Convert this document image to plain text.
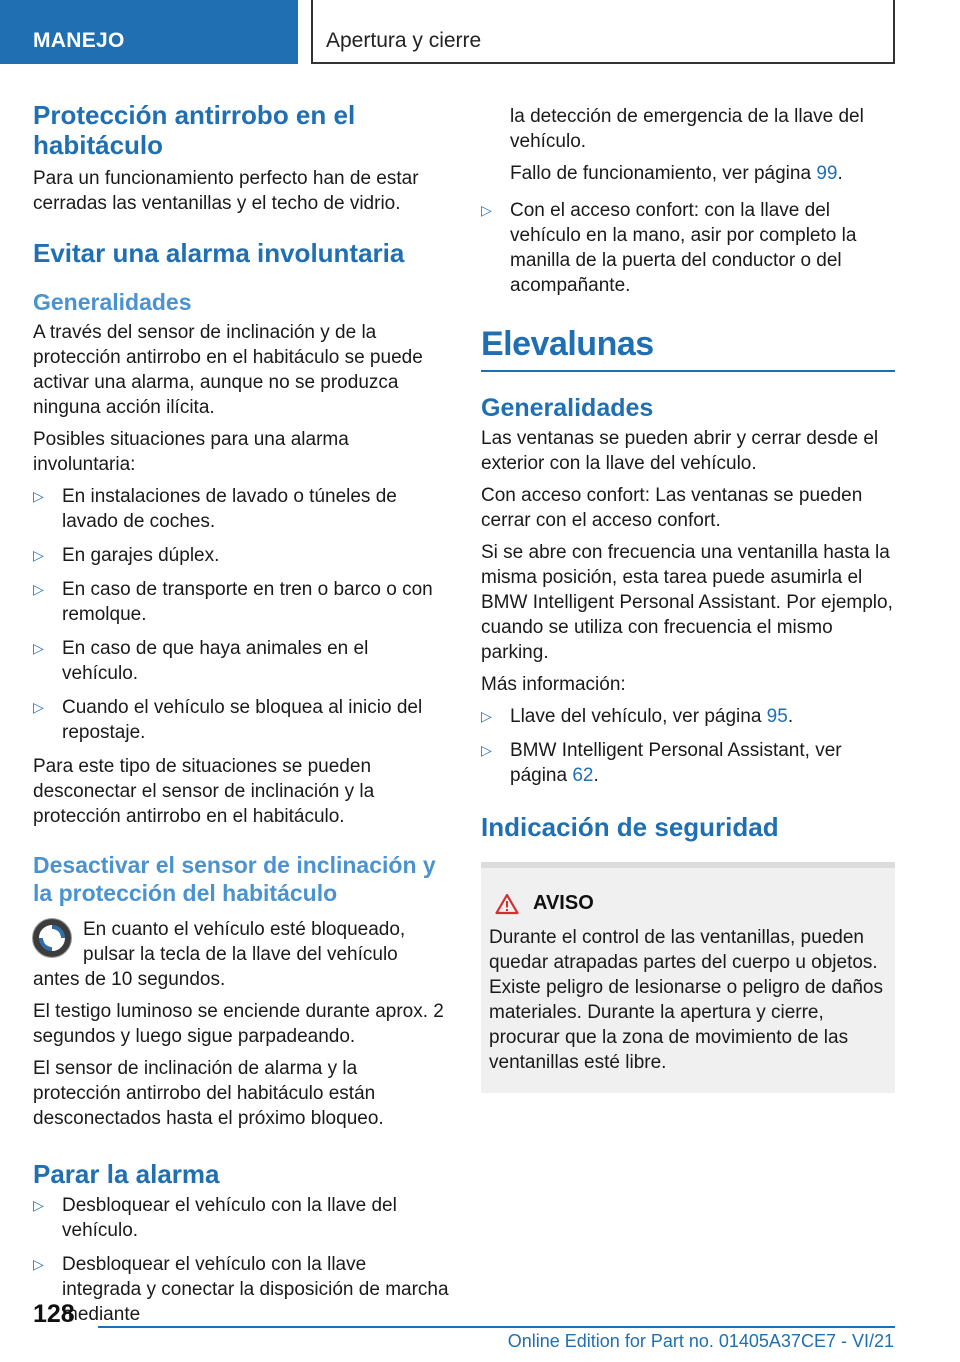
MANEJO	Apertura y cierre
Protección antirrobo en el habitáculo

Para un funcionamiento perfecto han de estar cerradas las ventanillas y el techo de vidrio.

Evitar una alarma involuntaria
Generalidades

A través del sensor de inclinación y de la protección antirrobo en el habitáculo se puede activar una alarma, aunque no se produzca ninguna acción ilícita.

Posibles situaciones para una alarma involuntaria:

▷ En instalaciones de lavado o túneles de lavado de coches.
▷ En garajes dúplex.
▷ En caso de transporte en tren o barco o con remolque.
▷ En caso de que haya animales en el vehículo.
▷ Cuando el vehículo se bloquea al inicio del repostaje.

Para este tipo de situaciones se pueden desconectar el sensor de inclinación y la protección antirrobo en el habitáculo.

Desactivar el sensor de inclinación y la protección del habitáculo

En cuanto el vehículo esté bloqueado, pulsar la tecla de la llave del vehículo antes de 10 segundos.

El testigo luminoso se enciende durante aprox. 2 segundos y luego sigue parpadeando.

El sensor de inclinación de alarma y la protección antirrobo del habitáculo están desconectados hasta el próximo bloqueo.

Parar la alarma
▷ Desbloquear el vehículo con la llave del vehículo.
▷ Desbloquear el vehículo con la llave integrada y conectar la disposición de marcha mediante

la detección de emergencia de la llave del vehículo.

Fallo de funcionamiento, ver página 99.

▷ Con el acceso confort: con la llave del vehículo en la mano, asir por completo la manilla de la puerta del conductor o del acompañante.
Elevalunas
Generalidades

Las ventanas se pueden abrir y cerrar desde el exterior con la llave del vehículo.

Con acceso confort: Las ventanas se pueden cerrar con el acceso confort.

Si se abre con frecuencia una ventanilla hasta la misma posición, esta tarea puede asumirla el BMW Intelligent Personal Assistant. Por ejemplo, cuando se utiliza con frecuencia el mismo parking.

Más información:

▷ Llave del vehículo, ver página 95.
▷ BMW Intelligent Personal Assistant, ver página 62.
Indicación de seguridad
AVISO

Durante el control de las ventanillas, pueden quedar atrapadas partes del cuerpo u objetos. Existe peligro de lesionarse o peligro de daños materiales. Durante la apertura y cierre, procurar que la zona de movimiento de las ventanillas esté libre.

128
Online Edition for Part no. 01405A37CE7 - VI/21
